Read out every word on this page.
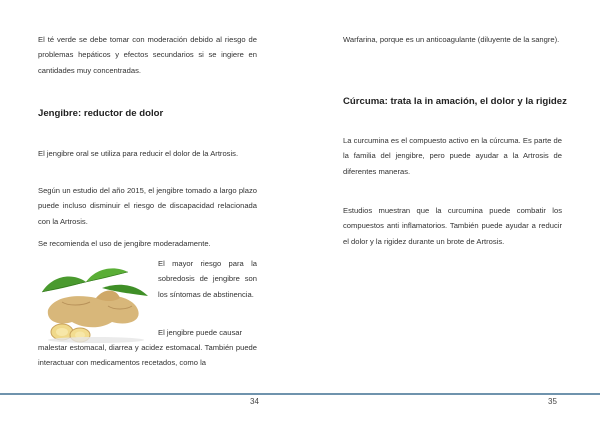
El té verde se debe tomar con moderación debido al riesgo de problemas hepáticos y efectos secundarios si se ingiere en cantidades muy concentradas.

Jengibre: reductor de dolor

El jengibre oral se utiliza para reducir el dolor de la Artrosis.

Según un estudio del año 2015, el jengibre tomado a largo plazo puede incluso disminuir el riesgo de discapacidad relacionada con la Artrosis.

Se recomienda el uso de jengibre moderadamente.

El mayor riesgo para la sobredosis de jengibre son los síntomas de abstinencia.

El jengibre puede causar

malestar estomacal, diarrea y acidez estomacal. También puede interactuar con medicamentos recetados, como la

34

Warfarina, porque es un anticoagulante (diluyente de la sangre).

Cúrcuma: trata la in amación, el dolor y la rigidez

La curcumina es el compuesto activo en la cúrcuma. Es parte de la familia del jengibre, pero puede ayudar a la Artrosis de diferentes maneras.

Estudios muestran que la curcumina puede combatir los compuestos anti inflamatorios. También puede ayudar a reducir el dolor y la rigidez durante un brote de Artrosis.

35
